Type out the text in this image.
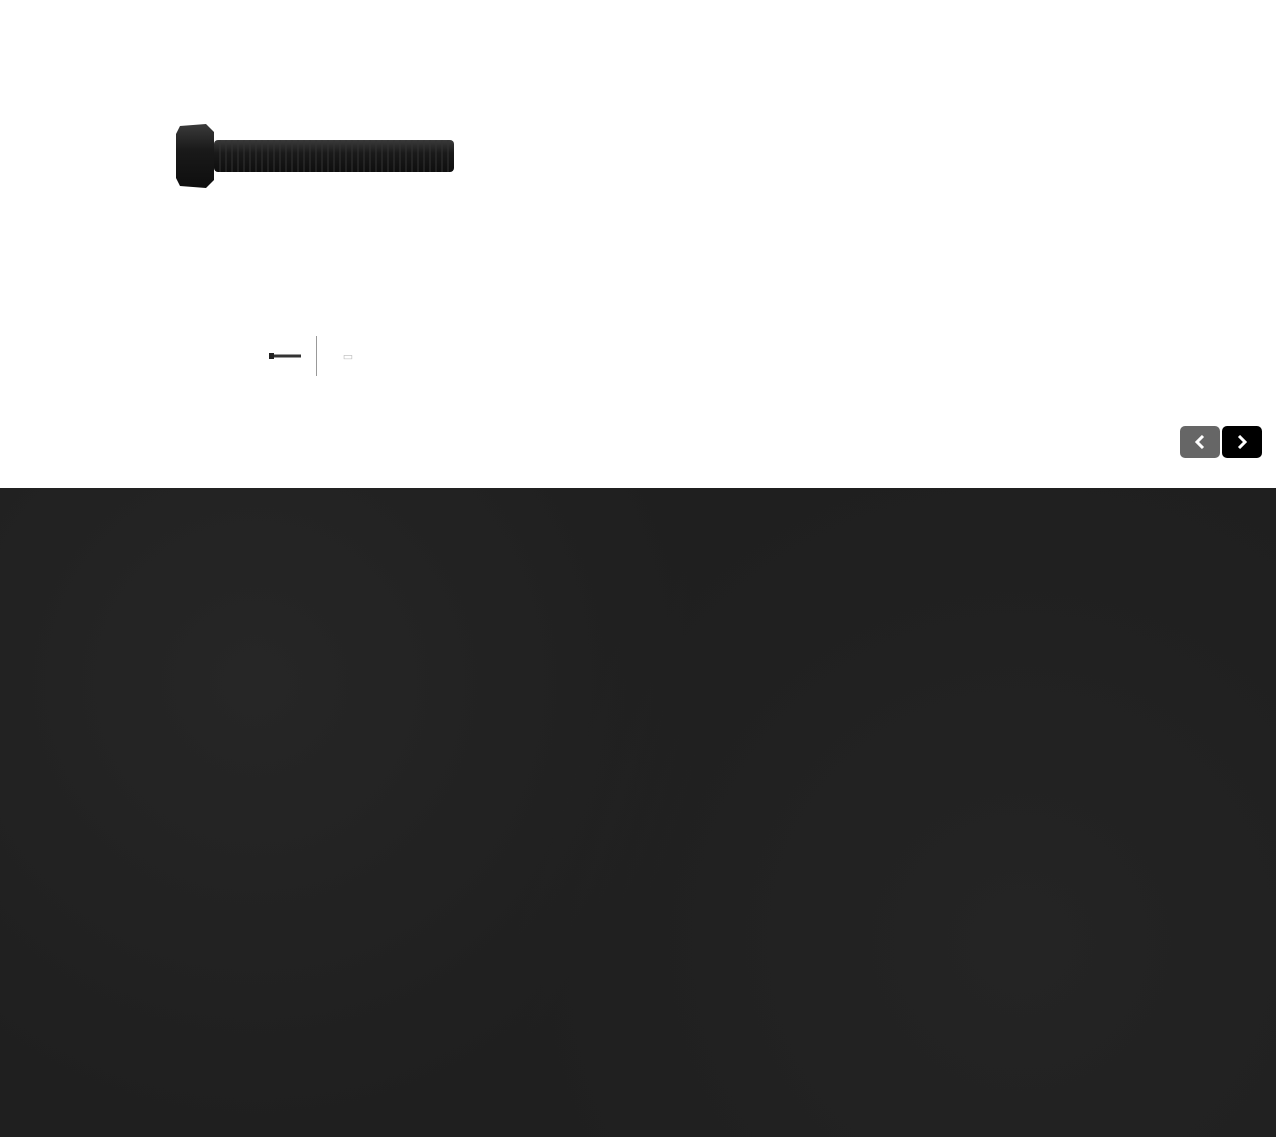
▭
